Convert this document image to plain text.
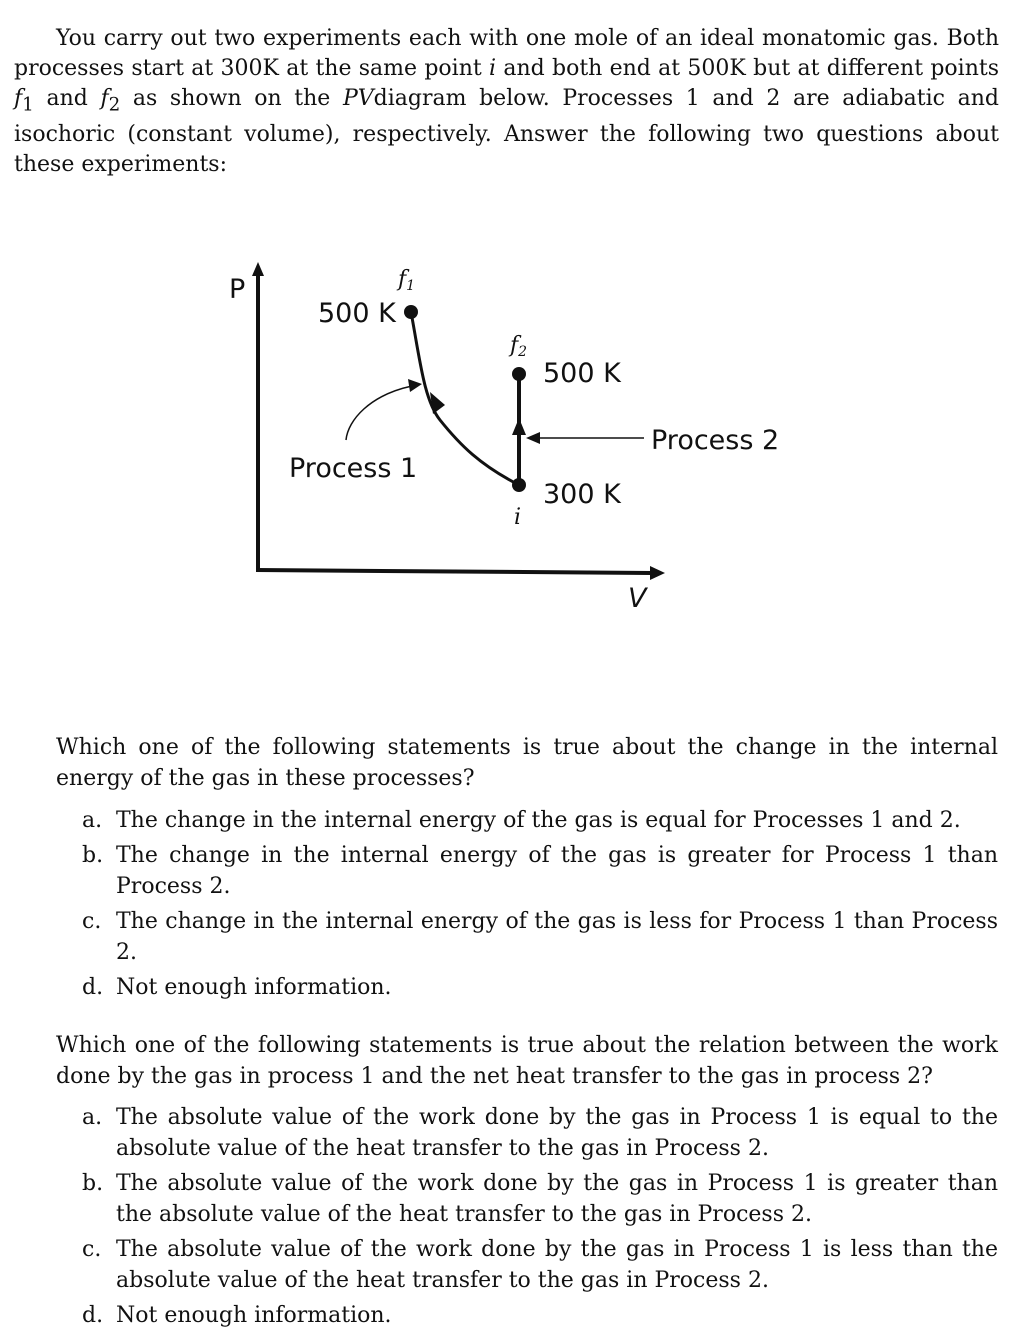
You carry out two experiments each with one mole of an ideal monatomic gas. Both processes start at 300K at the same point i and both end at 500K but at different points $f_1$ and $f_2$ as shown on the PVdiagram below. Processes 1 and 2 are adiabatic and isochoric (constant volume), respectively. Answer the following two questions about these experiments:
P
V
f1
500 K
f2
500 K
i
300 K
Process 1
Process 2
Which one of the following statements is true about the change in the internal energy of the gas in these processes?
a. The change in the internal energy of the gas is equal for Processes 1 and 2.
b. The change in the internal energy of the gas is greater for Process 1 than Process 2.
c. The change in the internal energy of the gas is less for Process 1 than Process 2.
d. Not enough information.
Which one of the following statements is true about the relation between the work done by the gas in process 1 and the net heat transfer to the gas in process 2?
a. The absolute value of the work done by the gas in Process 1 is equal to the absolute value of the heat transfer to the gas in Process 2.
b. The absolute value of the work done by the gas in Process 1 is greater than the absolute value of the heat transfer to the gas in Process 2.
c. The absolute value of the work done by the gas in Process 1 is less than the absolute value of the heat transfer to the gas in Process 2.
d. Not enough information.
